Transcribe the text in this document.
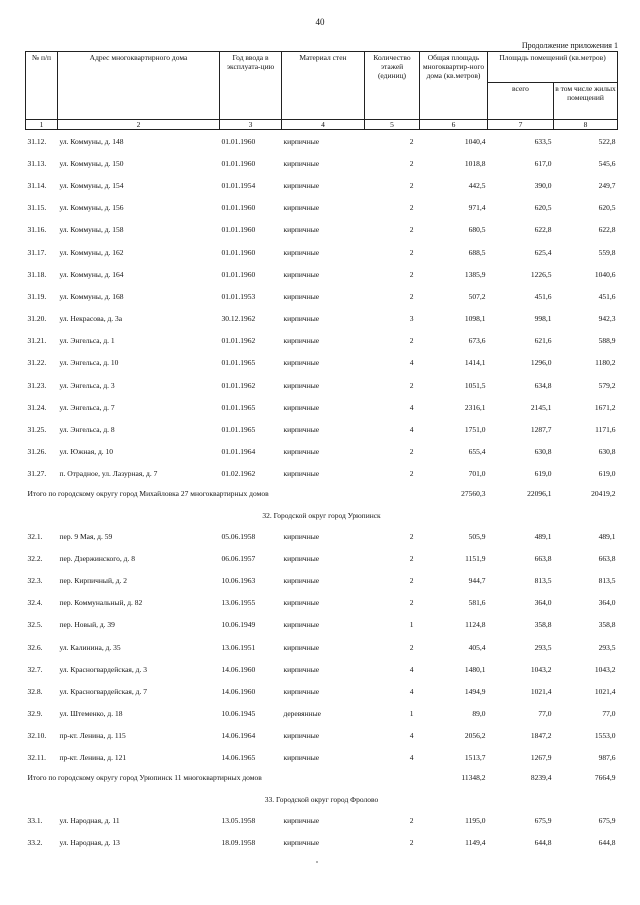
40
Продолжение приложения 1
№ п/п	Адрес многоквартирного дома	Год ввода в эксплуата-цию	Материал стен	Количество этажей (единиц)	Общая площадь многоквартир-ного дома (кв.метров)	Площадь помещений (кв.метров)	
						всего	в том числе жилых помещений
1	2	3	4	5	6	7	8
31.12.	ул. Коммуны, д. 148	01.01.1960	кирпичные	2	1040,4	633,5	522,8
31.13.	ул. Коммуны, д. 150	01.01.1960	кирпичные	2	1018,8	617,0	545,6
31.14.	ул. Коммуны, д. 154	01.01.1954	кирпичные	2	442,5	390,0	249,7
31.15.	ул. Коммуны, д. 156	01.01.1960	кирпичные	2	971,4	620,5	620,5
31.16.	ул. Коммуны, д. 158	01.01.1960	кирпичные	2	680,5	622,8	622,8
31.17.	ул. Коммуны, д. 162	01.01.1960	кирпичные	2	688,5	625,4	559,8
31.18.	ул. Коммуны, д. 164	01.01.1960	кирпичные	2	1385,9	1226,5	1040,6
31.19.	ул. Коммуны, д. 168	01.01.1953	кирпичные	2	507,2	451,6	451,6
31.20.	ул. Некрасова, д. 3а	30.12.1962	кирпичные	3	1098,1	998,1	942,3
31.21.	ул. Энгельса, д. 1	01.01.1962	кирпичные	2	673,6	621,6	588,9
31.22.	ул. Энгельса, д. 10	01.01.1965	кирпичные	4	1414,1	1296,0	1180,2
31.23.	ул. Энгельса, д. 3	01.01.1962	кирпичные	2	1051,5	634,8	579,2
31.24.	ул. Энгельса, д. 7	01.01.1965	кирпичные	4	2316,1	2145,1	1671,2
31.25.	ул. Энгельса, д. 8	01.01.1965	кирпичные	4	1751,0	1287,7	1171,6
31.26.	ул. Южная, д. 10	01.01.1964	кирпичные	2	655,4	630,8	630,8
31.27.	п. Отрадное, ул. Лазурная, д. 7	01.02.1962	кирпичные	2	701,0	619,0	619,0
Итого по городскому округу город Михайловка 27 многоквартирных домов					27560,3	22096,1	20419,2
32. Городской округ город Урюпинск							
32.1.	пер. 9 Мая, д. 59	05.06.1958	кирпичные	2	505,9	489,1	489,1
32.2.	пер. Дзержинского, д. 8	06.06.1957	кирпичные	2	1151,9	663,8	663,8
32.3.	пер. Кирпичный, д. 2	10.06.1963	кирпичные	2	944,7	813,5	813,5
32.4.	пер. Коммунальный, д. 82	13.06.1955	кирпичные	2	581,6	364,0	364,0
32.5.	пер. Новый, д. 39	10.06.1949	кирпичные	1	1124,8	358,8	358,8
32.6.	ул. Калинина, д. 35	13.06.1951	кирпичные	2	405,4	293,5	293,5
32.7.	ул. Красногвардейская, д. 3	14.06.1960	кирпичные	4	1480,1	1043,2	1043,2
32.8.	ул. Красногвардейская, д. 7	14.06.1960	кирпичные	4	1494,9	1021,4	1021,4
32.9.	ул. Штеменко, д. 18	10.06.1945	деревянные	1	89,0	77,0	77,0
32.10.	пр-кт. Ленина, д. 115	14.06.1964	кирпичные	4	2056,2	1847,2	1553,0
32.11.	пр-кт. Ленина, д. 121	14.06.1965	кирпичные	4	1513,7	1267,9	987,6
Итого по городскому округу город Урюпинск 11 многоквартирных домов					11348,2	8239,4	7664,9
33. Городской округ город Фролово							
33.1.	ул. Народная, д. 11	13.05.1958	кирпичные	2	1195,0	675,9	675,9
33.2.	ул. Народная, д. 13	18.09.1958	кирпичные	2	1149,4	644,8	644,8
